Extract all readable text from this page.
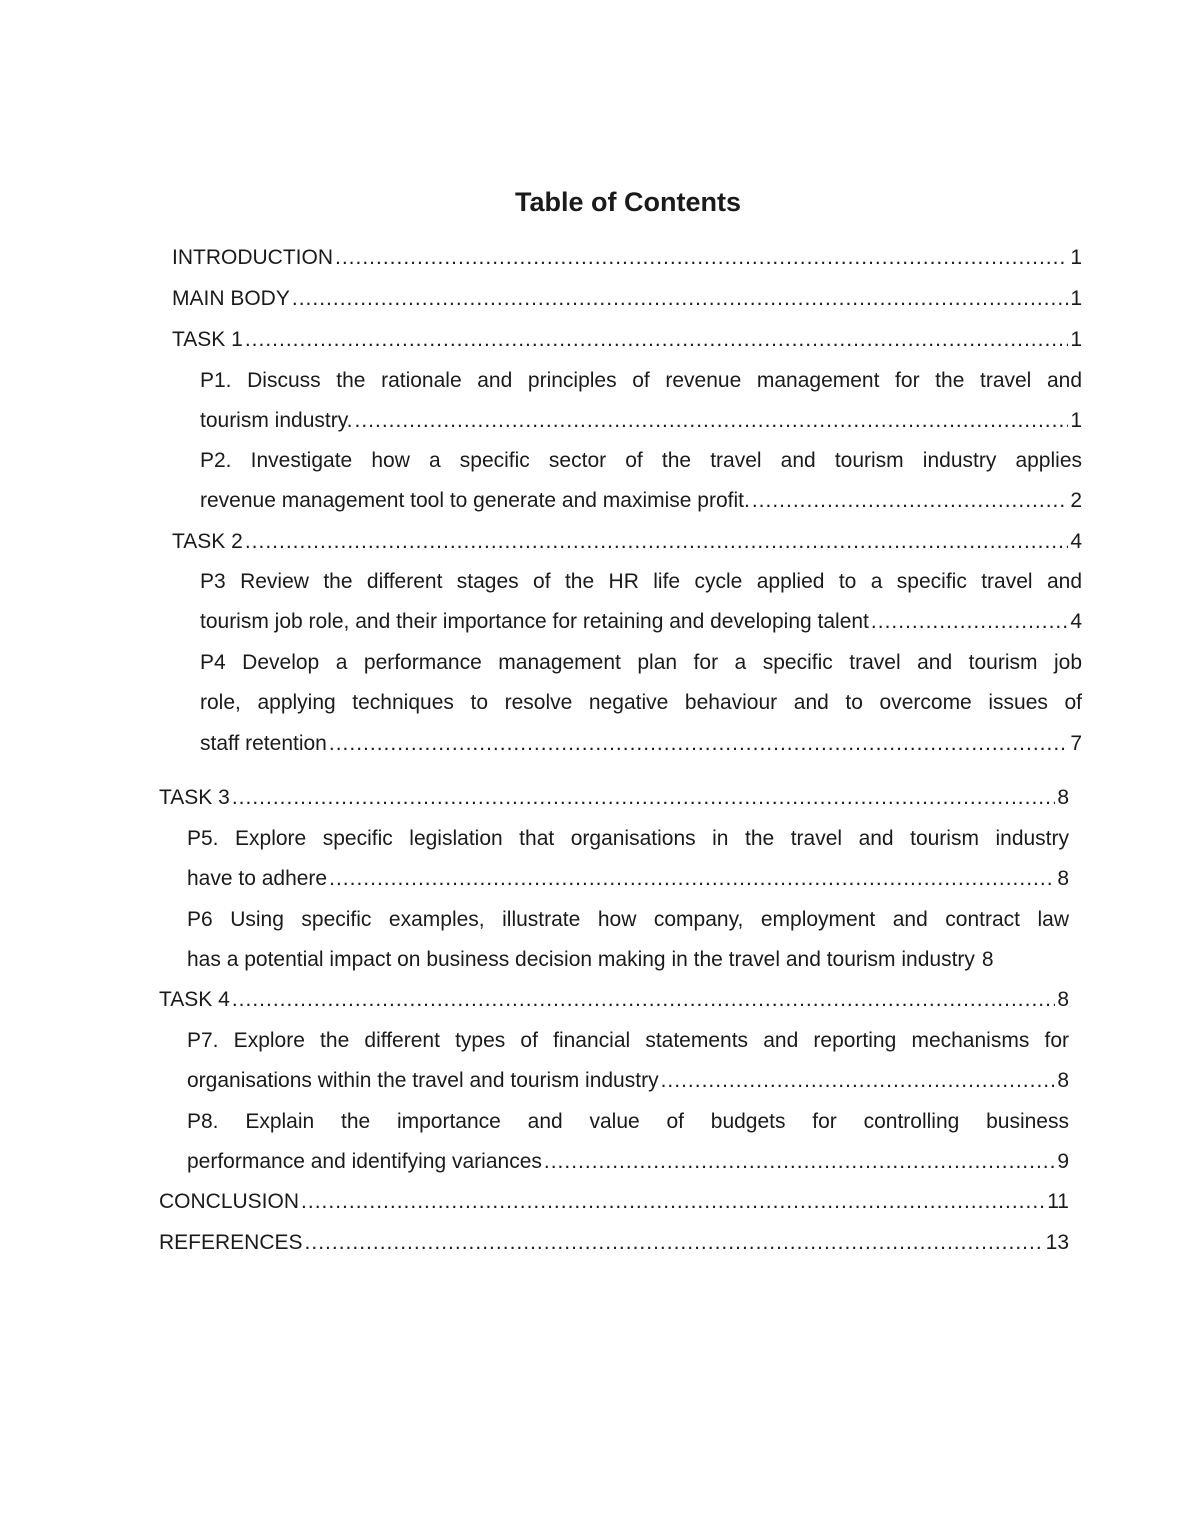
Table of Contents
INTRODUCTION .....	1
MAIN BODY .....	1
TASK 1 .....	1

P1. Discuss the rationale and principles of revenue management for the travel and

tourism industry. .....	1

P2. Investigate how a specific sector of the travel and tourism industry applies

revenue management tool to generate and maximise profit. .....	2
TASK 2 .....	4

P3 Review the different stages of the HR life cycle applied to a specific travel and

tourism job role, and their importance for retaining and developing talent .....	4

P4 Develop a performance management plan for a specific travel and tourism job

role, applying techniques to resolve negative behaviour and to overcome issues of

staff retention .....	7
TASK 3 .....	8

P5. Explore specific legislation that organisations in the travel and tourism industry

have to adhere .....	8

P6 Using specific examples, illustrate how company, employment and contract law

has a potential impact on business decision making in the travel and tourism industry 8
TASK 4 .....	8

P7. Explore the different types of financial statements and reporting mechanisms for

organisations within the travel and tourism industry .....	8

P8. Explain the importance and value of budgets for controlling business

performance and identifying variances .....	9
CONCLUSION .....	11
REFERENCES .....	13
